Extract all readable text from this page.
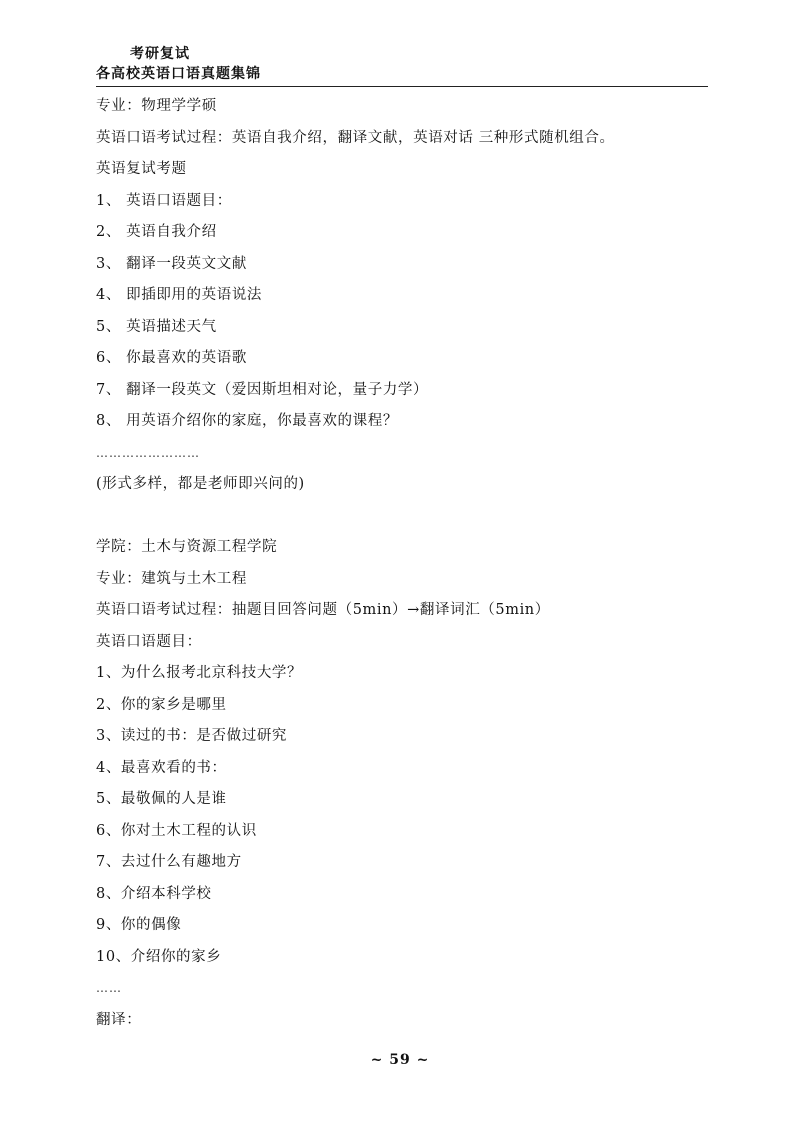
考研复试
各高校英语口语真题集锦
专业：物理学学硕
英语口语考试过程：英语自我介绍，翻译文献，英语对话 三种形式随机组合。
英语复试考题
1、 英语口语题目：
2、 英语自我介绍
3、 翻译一段英文文献
4、 即插即用的英语说法
5、 英语描述天气
6、 你最喜欢的英语歌
7、 翻译一段英文（爱因斯坦相对论，量子力学）
8、 用英语介绍你的家庭，你最喜欢的课程？
……………………
(形式多样，都是老师即兴问的)
学院：土木与资源工程学院
专业：建筑与土木工程
英语口语考试过程：抽题目回答问题（5min）→翻译词汇（5min）
英语口语题目：
1、为什么报考北京科技大学？
2、你的家乡是哪里
3、读过的书：是否做过研究
4、最喜欢看的书：
5、最敬佩的人是谁
6、你对土木工程的认识
7、去过什么有趣地方
8、介绍本科学校
9、你的偶像
10、介绍你的家乡
……
翻译：
~ 59 ~
